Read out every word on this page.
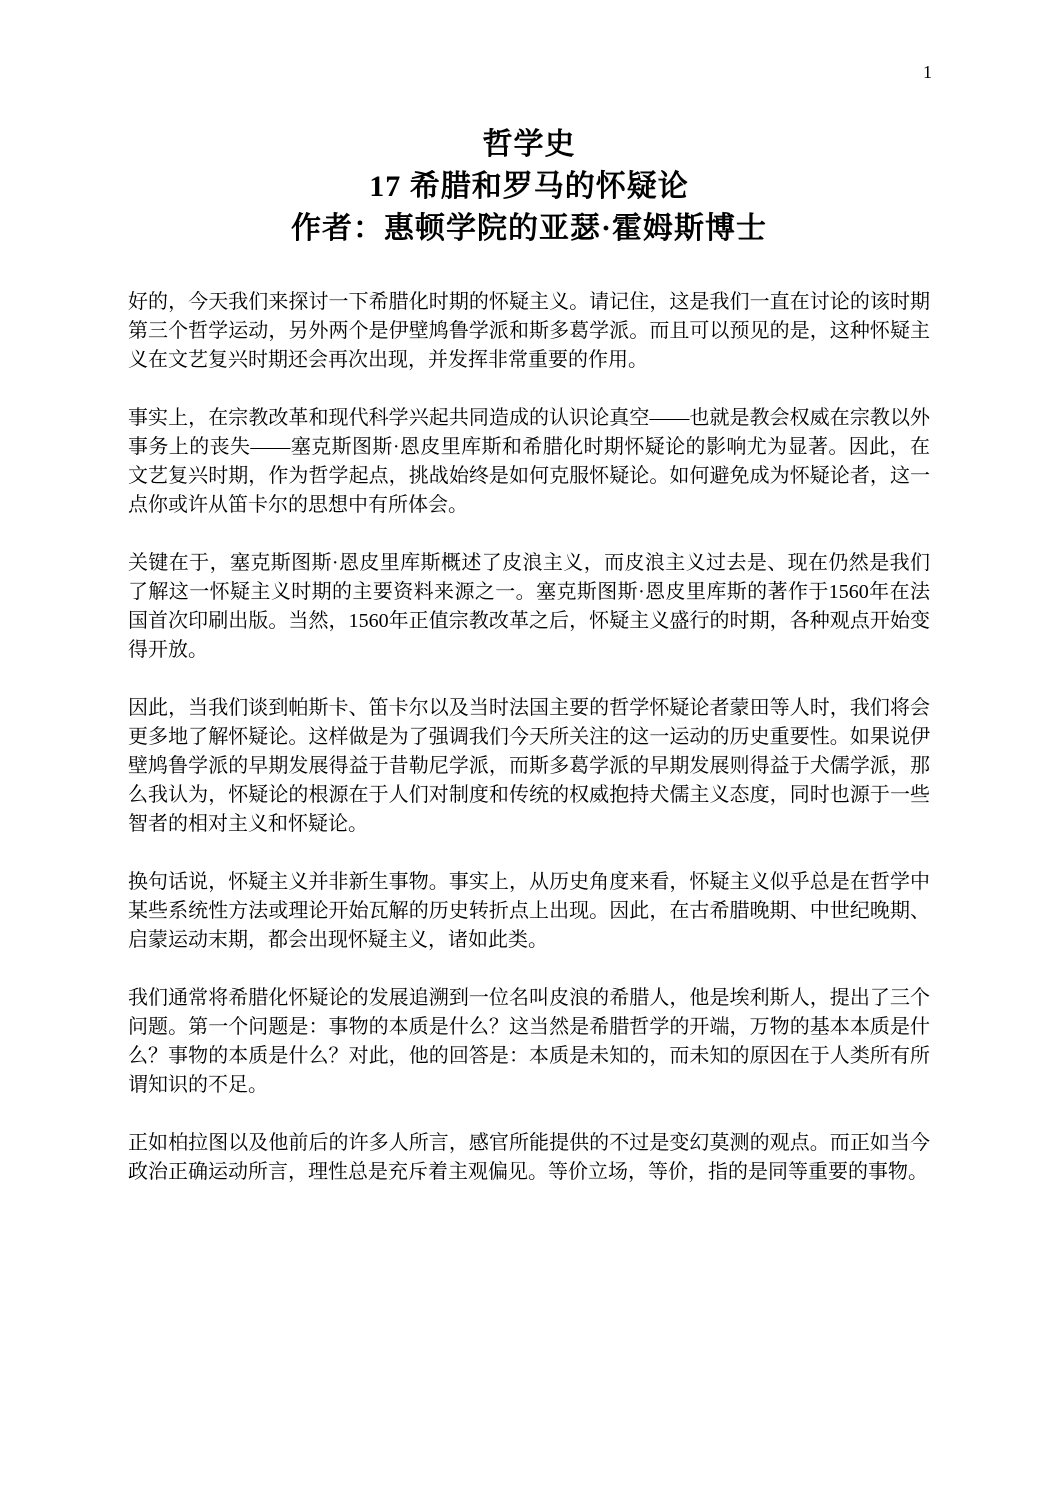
1
哲学史
17 希腊和罗马的怀疑论
作者：惠顿学院的亚瑟·霍姆斯博士

好的，今天我们来探讨一下希腊化时期的怀疑主义。请记住，这是我们一直在讨论的该时期第三个哲学运动，另外两个是伊壁鸠鲁学派和斯多葛学派。而且可以预见的是，这种怀疑主义在文艺复兴时期还会再次出现，并发挥非常重要的作用。

事实上，在宗教改革和现代科学兴起共同造成的认识论真空——也就是教会权威在宗教以外事务上的丧失——塞克斯图斯·恩皮里库斯和希腊化时期怀疑论的影响尤为显著。因此，在文艺复兴时期，作为哲学起点，挑战始终是如何克服怀疑论。如何避免成为怀疑论者，这一点你或许从笛卡尔的思想中有所体会。

关键在于，塞克斯图斯·恩皮里库斯概述了皮浪主义，而皮浪主义过去是、现在仍然是我们了解这一怀疑主义时期的主要资料来源之一。塞克斯图斯·恩皮里库斯的著作于1560年在法国首次印刷出版。当然，1560年正值宗教改革之后，怀疑主义盛行的时期，各种观点开始变得开放。

因此，当我们谈到帕斯卡、笛卡尔以及当时法国主要的哲学怀疑论者蒙田等人时，我们将会更多地了解怀疑论。这样做是为了强调我们今天所关注的这一运动的历史重要性。如果说伊壁鸠鲁学派的早期发展得益于昔勒尼学派，而斯多葛学派的早期发展则得益于犬儒学派，那么我认为，怀疑论的根源在于人们对制度和传统的权威抱持犬儒主义态度，同时也源于一些智者的相对主义和怀疑论。

换句话说，怀疑主义并非新生事物。事实上，从历史角度来看，怀疑主义似乎总是在哲学中某些系统性方法或理论开始瓦解的历史转折点上出现。因此，在古希腊晚期、中世纪晚期、启蒙运动末期，都会出现怀疑主义，诸如此类。

我们通常将希腊化怀疑论的发展追溯到一位名叫皮浪的希腊人，他是埃利斯人，提出了三个问题。第一个问题是：事物的本质是什么？这当然是希腊哲学的开端，万物的基本本质是什么？事物的本质是什么？对此，他的回答是：本质是未知的，而未知的原因在于人类所有所谓知识的不足。

正如柏拉图以及他前后的许多人所言，感官所能提供的不过是变幻莫测的观点。而正如当今政治正确运动所言，理性总是充斥着主观偏见。等价立场，等价，指的是同等重要的事物。
